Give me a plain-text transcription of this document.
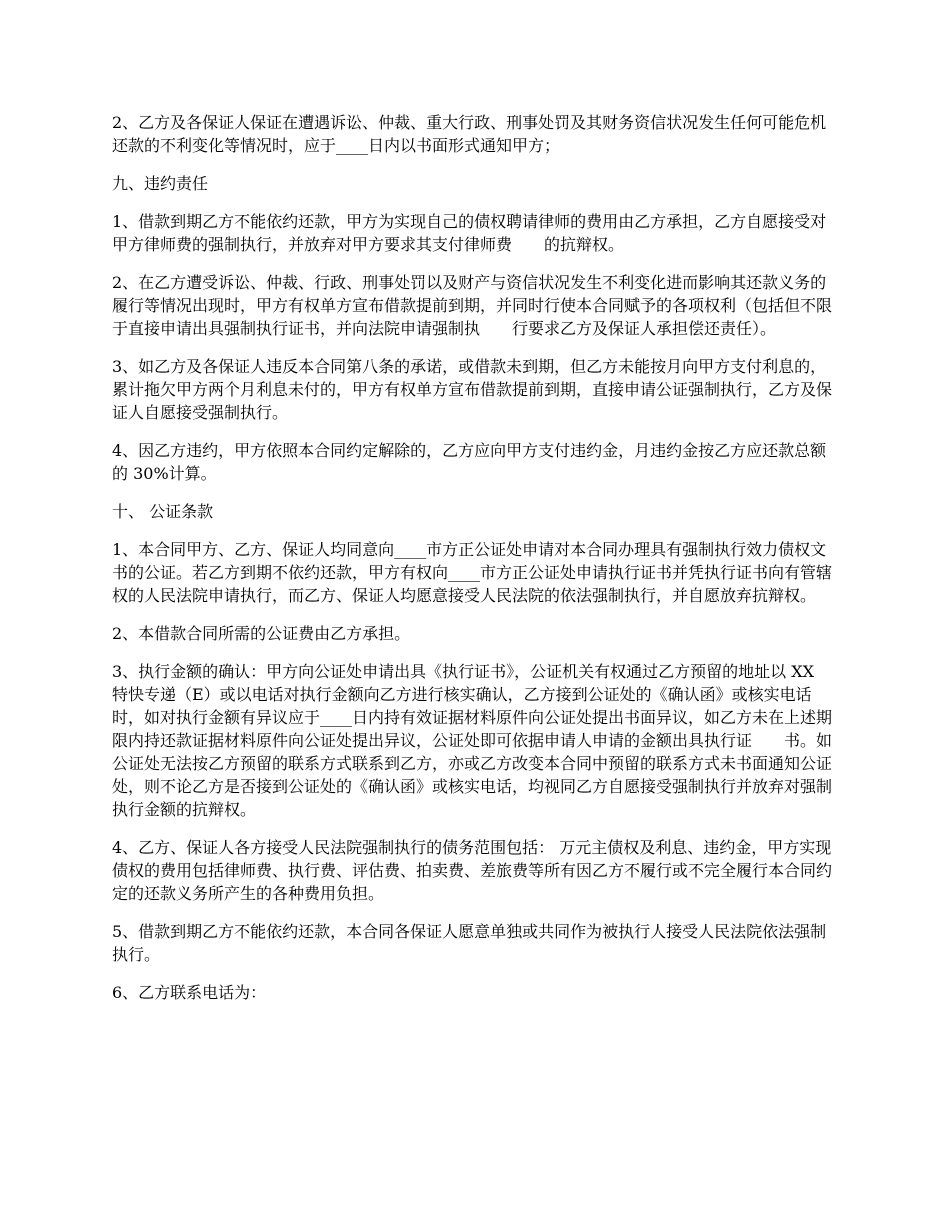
2、乙方及各保证人保证在遭遇诉讼、仲裁、重大行政、刑事处罚及其财务资信状况发生任何可能危机还款的不利变化等情况时，应于____日内以书面形式通知甲方；

九、违约责任

1、借款到期乙方不能依约还款，甲方为实现自己的债权聘请律师的费用由乙方承担，乙方自愿接受对甲方律师费的强制执行，并放弃对甲方要求其支付律师费　　的抗辩权。

2、在乙方遭受诉讼、仲裁、行政、刑事处罚以及财产与资信状况发生不利变化进而影响其还款义务的履行等情况出现时，甲方有权单方宣布借款提前到期，并同时行使本合同赋予的各项权利（包括但不限于直接申请出具强制执行证书，并向法院申请强制执　　行要求乙方及保证人承担偿还责任）。

3、如乙方及各保证人违反本合同第八条的承诺，或借款未到期，但乙方未能按月向甲方支付利息的，累计拖欠甲方两个月利息未付的，甲方有权单方宣布借款提前到期，直接申请公证强制执行，乙方及保证人自愿接受强制执行。

4、因乙方违约，甲方依照本合同约定解除的，乙方应向甲方支付违约金，月违约金按乙方应还款总额的 30%计算。

十、 公证条款

1、本合同甲方、乙方、保证人均同意向____市方正公证处申请对本合同办理具有强制执行效力债权文书的公证。若乙方到期不依约还款，甲方有权向____市方正公证处申请执行证书并凭执行证书向有管辖权的人民法院申请执行，而乙方、保证人均愿意接受人民法院的依法强制执行，并自愿放弃抗辩权。

2、本借款合同所需的公证费由乙方承担。

3、执行金额的确认：甲方向公证处申请出具《执行证书》，公证机关有权通过乙方预留的地址以 XX 特快专递（E）或以电话对执行金额向乙方进行核实确认，乙方接到公证处的《确认函》或核实电话时，如对执行金额有异议应于____日内持有效证据材料原件向公证处提出书面异议，如乙方未在上述期限内持还款证据材料原件向公证处提出异议，公证处即可依据申请人申请的金额出具执行证　　书。如公证处无法按乙方预留的联系方式联系到乙方，亦或乙方改变本合同中预留的联系方式未书面通知公证处，则不论乙方是否接到公证处的《确认函》或核实电话，均视同乙方自愿接受强制执行并放弃对强制执行金额的抗辩权。

4、乙方、保证人各方接受人民法院强制执行的债务范围包括： 万元主债权及利息、违约金，甲方实现债权的费用包括律师费、执行费、评估费、拍卖费、差旅费等所有因乙方不履行或不完全履行本合同约定的还款义务所产生的各种费用负担。

5、借款到期乙方不能依约还款，本合同各保证人愿意单独或共同作为被执行人接受人民法院依法强制执行。

6、乙方联系电话为：
